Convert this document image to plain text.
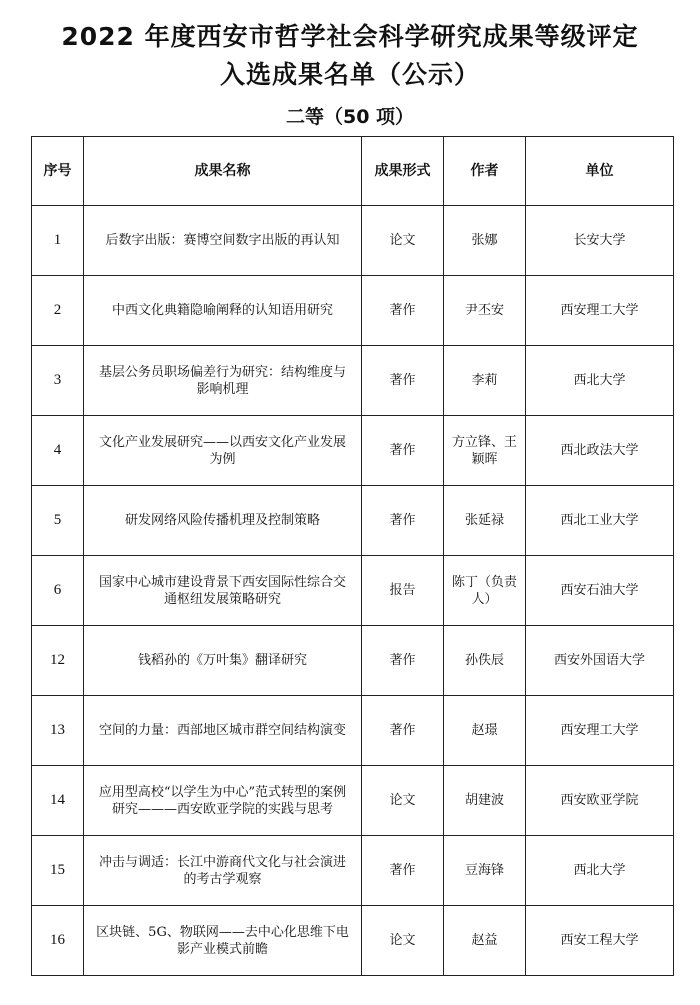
2022 年度西安市哲学社会科学研究成果等级评定
入选成果名单（公示）
二等（50 项）
序号	成果名称	成果形式	作者	单位
1	后数字出版：赛博空间数字出版的再认知	论文	张娜	长安大学
2	中西文化典籍隐喻阐释的认知语用研究	著作	尹丕安	西安理工大学
3	基层公务员职场偏差行为研究：结构维度与影响机理	著作	李莉	西北大学
4	文化产业发展研究——以西安文化产业发展为例	著作	方立锋、王颖晖	西北政法大学
5	研发网络风险传播机理及控制策略	著作	张延禄	西北工业大学
6	国家中心城市建设背景下西安国际性综合交通枢纽发展策略研究	报告	陈丁（负责人）	西安石油大学
12	钱稻孙的《万叶集》翻译研究	著作	孙佚辰	西安外国语大学
13	空间的力量：西部地区城市群空间结构演变	著作	赵璟	西安理工大学
14	应用型高校“以学生为中心”范式转型的案例研究———西安欧亚学院的实践与思考	论文	胡建波	西安欧亚学院
15	冲击与调适：长江中游商代文化与社会演进的考古学观察	著作	豆海锋	西北大学
16	区块链、5G、物联网——去中心化思维下电影产业模式前瞻	论文	赵益	西安工程大学
